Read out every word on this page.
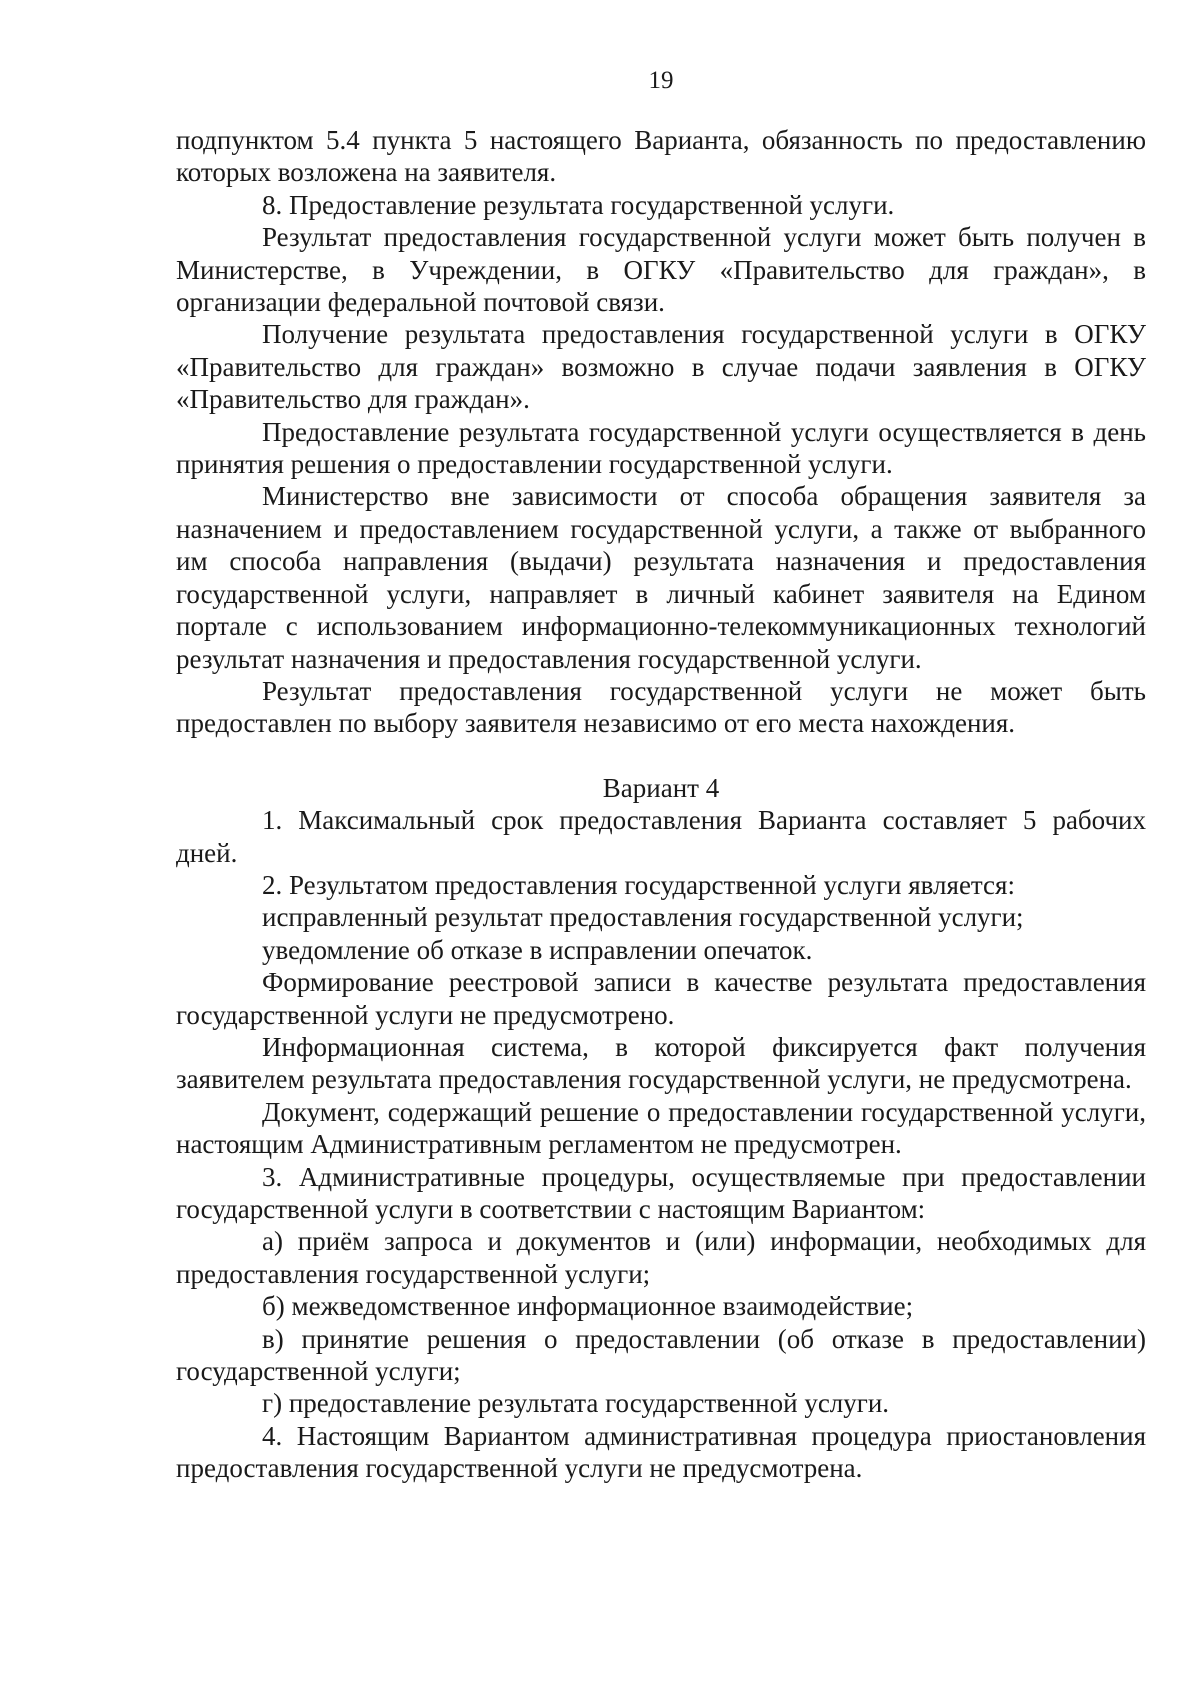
19

подпунктом 5.4 пункта 5 настоящего Варианта, обязанность по предоставлению которых возложена на заявителя.

8. Предоставление результата государственной услуги.

Результат предоставления государственной услуги может быть получен в Министерстве, в Учреждении, в ОГКУ «Правительство для граждан», в организации федеральной почтовой связи.

Получение результата предоставления государственной услуги в ОГКУ «Правительство для граждан» возможно в случае подачи заявления в ОГКУ «Правительство для граждан».

Предоставление результата государственной услуги осуществляется в день принятия решения о предоставлении государственной услуги.

Министерство вне зависимости от способа обращения заявителя за назначением и предоставлением государственной услуги, а также от выбранного им способа направления (выдачи) результата назначения и предоставления государственной услуги, направляет в личный кабинет заявителя на Едином портале с использованием информационно-телекоммуникационных технологий результат назначения и предоставления государственной услуги.

Результат предоставления государственной услуги не может быть предоставлен по выбору заявителя независимо от его места нахождения.

Вариант 4

1. Максимальный срок предоставления Варианта составляет 5 рабочих дней.

2. Результатом предоставления государственной услуги является:

исправленный результат предоставления государственной услуги;

уведомление об отказе в исправлении опечаток.

Формирование реестровой записи в качестве результата предоставления государственной услуги не предусмотрено.

Информационная система, в которой фиксируется факт получения заявителем результата предоставления государственной услуги, не предусмотрена.

Документ, содержащий решение о предоставлении государственной услуги, настоящим Административным регламентом не предусмотрен.

3. Административные процедуры, осуществляемые при предоставлении государственной услуги в соответствии с настоящим Вариантом:

а) приём запроса и документов и (или) информации, необходимых для предоставления государственной услуги;

б) межведомственное информационное взаимодействие;

в) принятие решения о предоставлении (об отказе в предоставлении) государственной услуги;

г) предоставление результата государственной услуги.

4. Настоящим Вариантом административная процедура приостановления предоставления государственной услуги не предусмотрена.
